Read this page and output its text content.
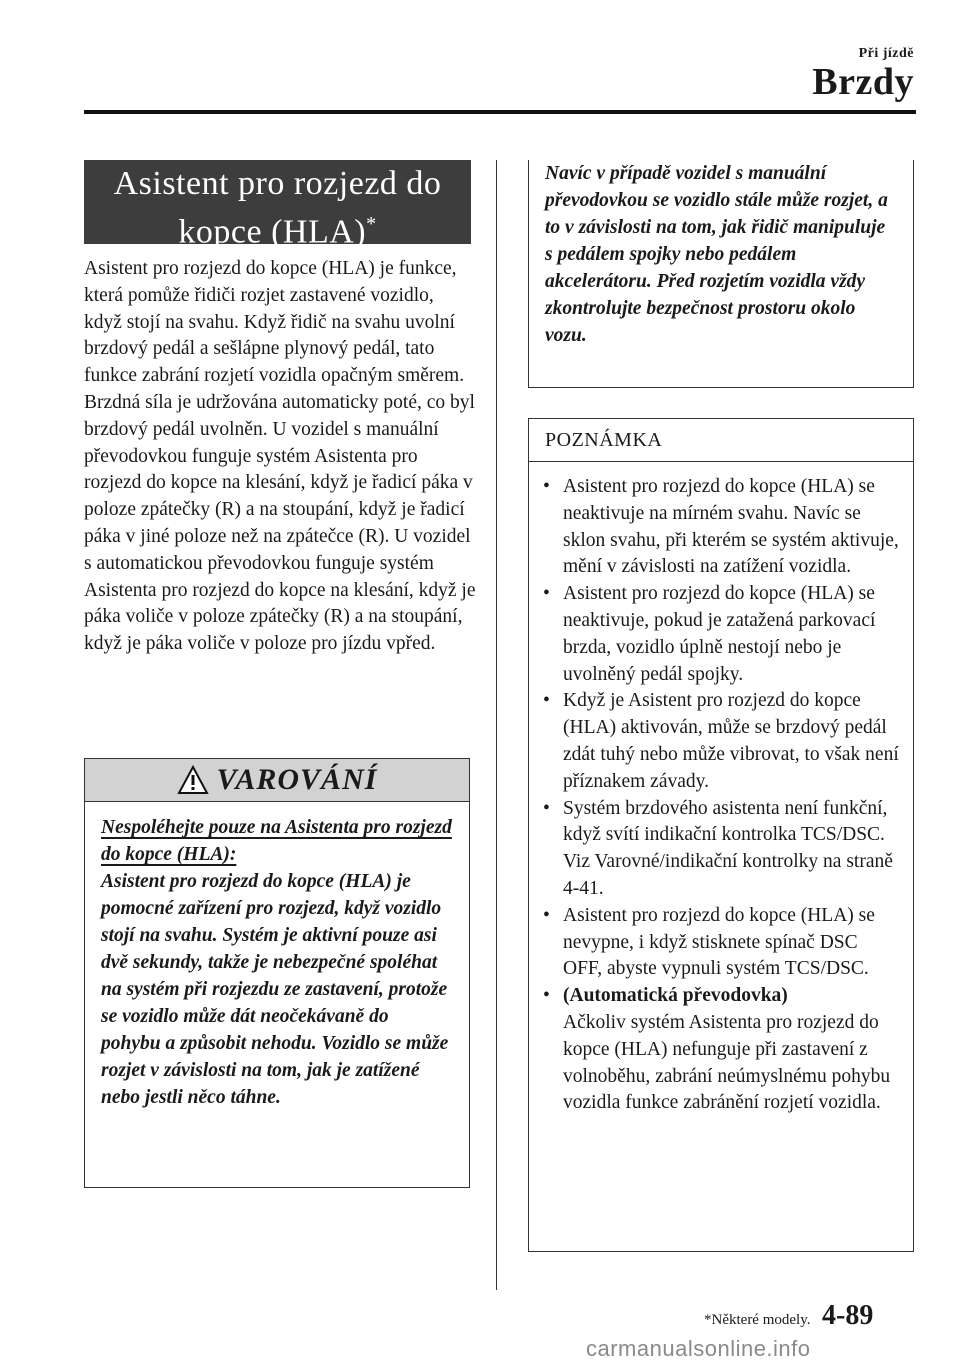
Při jízdě
Brzdy
Asistent pro rozjezd do
kopce (HLA)*

Asistent pro rozjezd do kopce (HLA) je funkce, která pomůže řidiči rozjet zastavené vozidlo, když stojí na svahu. Když řidič na svahu uvolní brzdový pedál a sešlápne plynový pedál, tato funkce zabrání rozjetí vozidla opačným směrem. Brzdná síla je udržována automaticky poté, co byl brzdový pedál uvolněn. U vozidel s manuální převodovkou funguje systém Asistenta pro rozjezd do kopce na klesání, když je řadicí páka v poloze zpátečky (R) a na stoupání, když je řadicí páka v jiné poloze než na zpátečce (R). U vozidel s automatickou převodovkou funguje systém Asistenta pro rozjezd do kopce na klesání, když je páka voliče v poloze zpátečky (R) a na stoupání, když je páka voliče v poloze pro jízdu vpřed.

VAROVÁNÍ
Nespoléhejte pouze na Asistenta pro rozjezd do kopce (HLA):
Asistent pro rozjezd do kopce (HLA) je pomocné zařízení pro rozjezd, když vozidlo stojí na svahu. Systém je aktivní pouze asi dvě sekundy, takže je nebezpečné spoléhat na systém při rozjezdu ze zastavení, protože se vozidlo může dát neočekávaně do pohybu a způsobit nehodu. Vozidlo se může rozjet v závislosti na tom, jak je zatížené nebo jestli něco táhne.
Navíc v případě vozidel s manuální převodovkou se vozidlo stále může rozjet, a to v závislosti na tom, jak řidič manipuluje s pedálem spojky nebo pedálem akcelerátoru. Před rozjetím vozidla vždy zkontrolujte bezpečnost prostoru okolo vozu.
POZNÁMKA
• Asistent pro rozjezd do kopce (HLA) se neaktivuje na mírném svahu. Navíc se sklon svahu, při kterém se systém aktivuje, mění v závislosti na zatížení vozidla.
• Asistent pro rozjezd do kopce (HLA) se neaktivuje, pokud je zatažená parkovací brzda, vozidlo úplně nestojí nebo je uvolněný pedál spojky.
• Když je Asistent pro rozjezd do kopce (HLA) aktivován, může se brzdový pedál zdát tuhý nebo může vibrovat, to však není příznakem závady.
• Systém brzdového asistenta není funkční, když svítí indikační kontrolka TCS/DSC. Viz Varovné/indikační kontrolky na straně 4-41.
• Asistent pro rozjezd do kopce (HLA) se nevypne, i když stisknete spínač DSC OFF, abyste vypnuli systém TCS/DSC.
• (Automatická převodovka)
Ačkoliv systém Asistenta pro rozjezd do kopce (HLA) nefunguje při zastavení z volnoběhu, zabrání neúmyslnému pohybu vozidla funkce zabránění rozjetí vozidla.
*Některé modely. 4-89
carmanualsonline.info
